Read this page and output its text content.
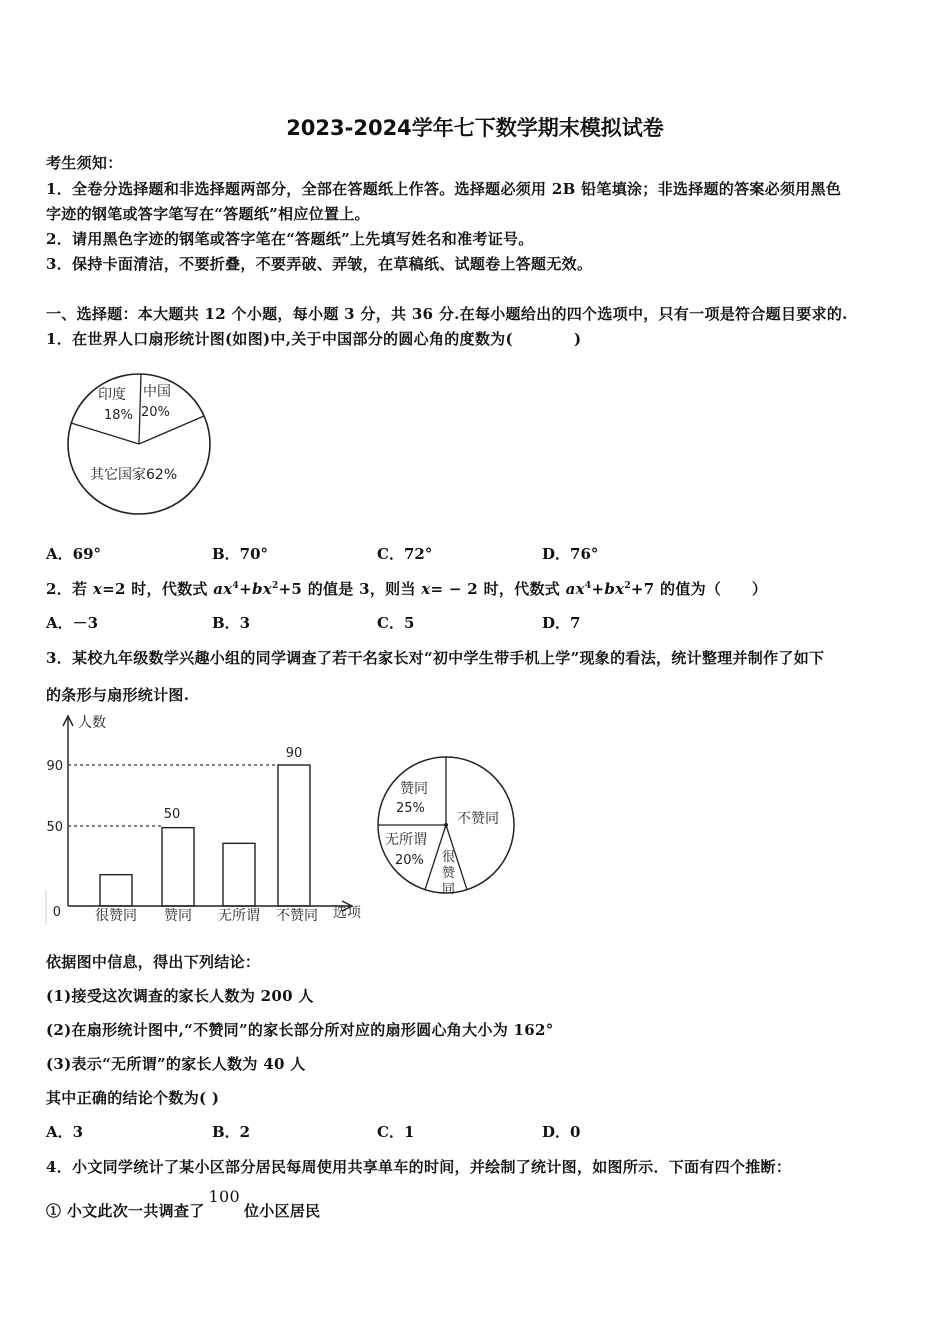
2023-2024学年七下数学期末模拟试卷
考生须知：
1．全卷分选择题和非选择题两部分，全部在答题纸上作答。选择题必须用 2B 铅笔填涂；非选择题的答案必须用黑色
字迹的钢笔或答字笔写在“答题纸”相应位置上。
2．请用黑色字迹的钢笔或答字笔在“答题纸”上先填写姓名和准考证号。
3．保持卡面清洁，不要折叠，不要弄破、弄皱，在草稿纸、试题卷上答题无效。
一、选择题：本大题共 12 个小题，每小题 3 分，共 36 分.在每小题给出的四个选项中，只有一项是符合题目要求的.
1．在世界人口扇形统计图(如图)中,关于中国部分的圆心角的度数为(　　　　)
印度
18%
中国
20%
其它国家62%
A．69°	B．70°	C．72°	D．76°
2．若 x=2 时，代数式 $ax^4+bx^2+5$ 的值是 3，则当 x= − 2 时，代数式 $ax^4+bx^2+7$ 的值为（　　）
A．－3	B．3	C．5	D．7
3．某校九年级数学兴趣小组的同学调查了若干名家长对“初中学生带手机上学”现象的看法，统计整理并制作了如下
的条形与扇形统计图.
人数
选项
0
90
50
50
90
很赞同 赞同 无所谓 不赞同
赞同
25%
不赞同
无所谓
20% 很
赞
同
依据图中信息，得出下列结论：
(1)接受这次调查的家长人数为 200 人
(2)在扇形统计图中,“不赞同”的家长部分所对应的扇形圆心角大小为 162°
(3)表示“无所谓”的家长人数为 40 人
其中正确的结论个数为( )
A．3	B．2	C．1	D．0
4．小文同学统计了某小区部分居民每周使用共享单车的时间，并绘制了统计图，如图所示．下面有四个推断：
① 小文此次一共调查了100位小区居民
